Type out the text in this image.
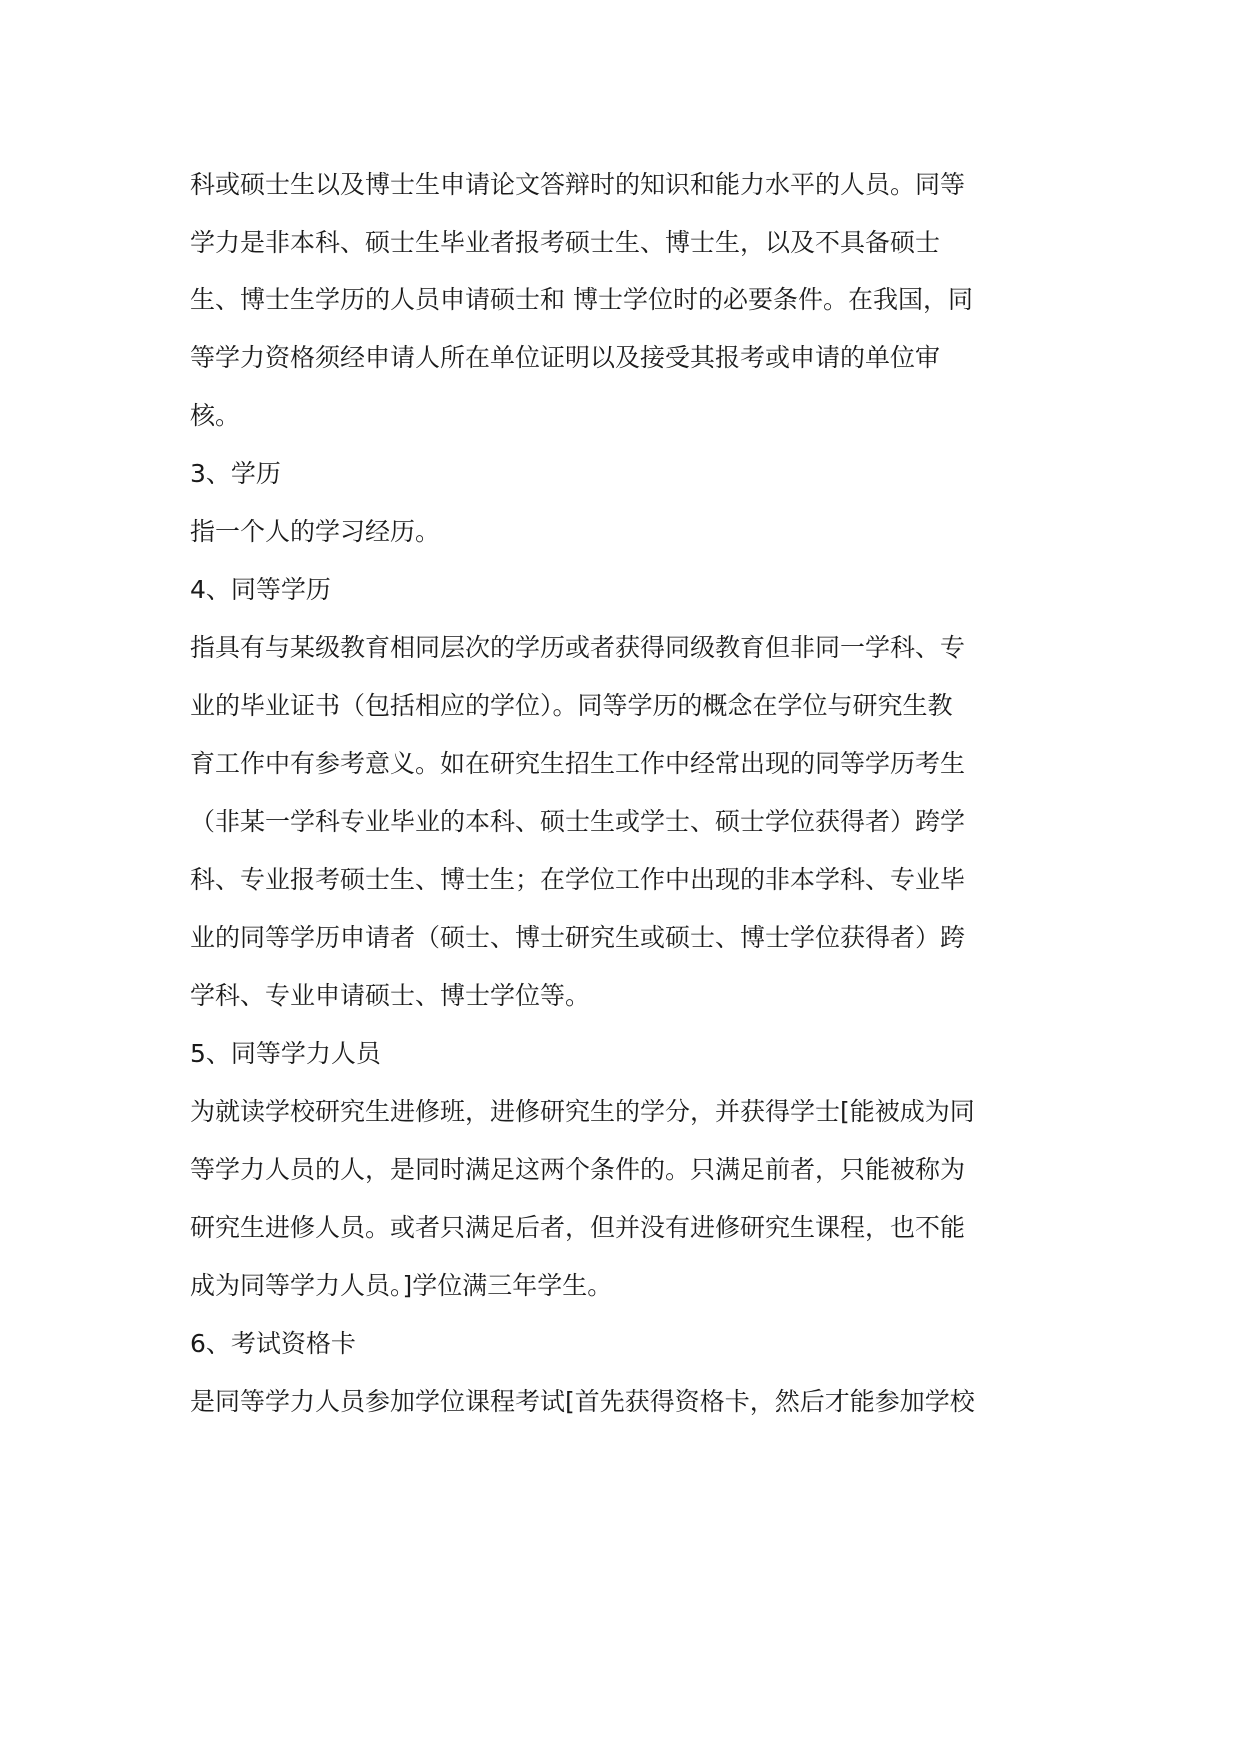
科或硕士生以及博士生申请论文答辩时的知识和能力水平的人员。同等
学力是非本科、硕士生毕业者报考硕士生、博士生，以及不具备硕士
生、博士生学历的人员申请硕士和 博士学位时的必要条件。在我国，同
等学力资格须经申请人所在单位证明以及接受其报考或申请的单位审
核。
3、学历
指一个人的学习经历。
4、同等学历
指具有与某级教育相同层次的学历或者获得同级教育但非同一学科、专
业的毕业证书（包括相应的学位）。同等学历的概念在学位与研究生教
育工作中有参考意义。如在研究生招生工作中经常出现的同等学历考生
（非某一学科专业毕业的本科、硕士生或学士、硕士学位获得者）跨学
科、专业报考硕士生、博士生；在学位工作中出现的非本学科、专业毕
业的同等学历申请者（硕士、博士研究生或硕士、博士学位获得者）跨
学科、专业申请硕士、博士学位等。
5、同等学力人员
为就读学校研究生进修班，进修研究生的学分，并获得学士[能被成为同
等学力人员的人，是同时满足这两个条件的。只满足前者，只能被称为
研究生进修人员。或者只满足后者，但并没有进修研究生课程，也不能
成为同等学力人员。]学位满三年学生。
6、考试资格卡
是同等学力人员参加学位课程考试[首先获得资格卡，然后才能参加学校
